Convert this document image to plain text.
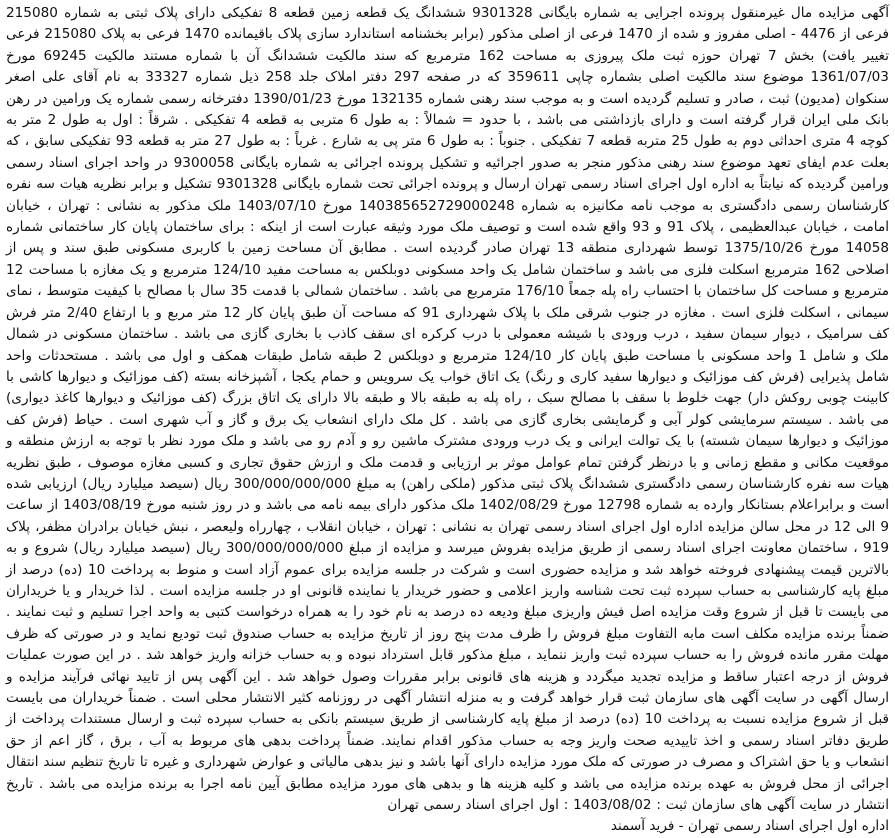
آگهی مزایده مال غیرمنقول پرونده اجرایی به شماره بایگانی 9301328 ششدانگ یک قطعه زمین قطعه 8 تفکیکی دارای پلاک ثبتی به شماره 215080 فرعی از 4476 - اصلی مفروز و شده از 1470 فرعی از اصلی مذکور (برابر بخشنامه استاندارد سازی پلاک باقیمانده 1470 فرعی به پلاک 215080 فرعی تغییر یافت) بخش 7 تهران حوزه ثبت ملک پیروزی به مساحت 162 مترمربع که سند مالکیت ششدانگ آن با شماره مستند مالکیت 69245 مورخ 1361/07/03 موضوع سند مالکیت اصلی بشماره چاپی 359611 که در صفحه 297 دفتر املاک جلد 258 ذیل شماره 33327 به نام آقای علی اصغر سنکوان (مدیون) ثبت ، صادر و تسلیم گردیده است و به موجب سند رهنی شماره 132135 مورخ 1390/01/23 دفترخانه رسمی شماره یک ورامین در رهن بانک ملی ایران قرار گرفته است و دارای بازداشتی می باشد ، با حدود = شمالاً : به طول 6 متربی به قطعه 4 تفکیکی . شرقاً : اول به طول 2 متر به کوچه 4 متری احداثی دوم به طول 25 متربه قطعه 7 تفکیکی . جنوباً : به طول 6 متر پی به شارع . غرباً : به طول 27 متر به قطعه 93 تفکیکی سابق ، که بعلت عدم ایفای تعهد موضوع سند رهنی مذکور منجر به صدور اجرائیه و تشکیل پرونده اجرائی به شماره بایگانی 9300058 در واحد اجرای اسناد رسمی ورامین گردیده که نیابتاً به اداره اول اجرای اسناد رسمی تهران ارسال و پرونده اجرائی تحت شماره بایگانی 9301328 تشکیل و برابر نظریه هیات سه نفره کارشناسان رسمی دادگستری به موجب نامه مکانیزه به شماره 140385652729000248 مورخ 1403/07/10 ملک مذکور به نشانی : تهران ، خیابان امامت ، خیابان عبدالعظیمی ، پلاک 91 و 93 واقع شده است و توصیف ملک مورد وثیقه عبارت است از اینکه : برای ساختمان پایان کار ساختمانی شماره 14058 مورخ 1375/10/26 توسط شهرداری منطقه 13 تهران صادر گردیده است . مطابق آن مساحت زمین با کاربری مسکونی طبق سند و پس از اصلاحی 162 مترمربع اسکلت فلزی می باشد و ساختمان شامل یک واحد مسکونی دوبلکس به مساحت مفید 124/10 مترمربع و یک مغازه با مساحت 12 مترمربع و مساحت کل ساختمان با احتساب راه پله جمعاً 176/10 مترمربع می باشد . ساختمان شمالی با قدمت 35 سال با مصالح با کیفیت متوسط ، نمای سیمانی ، اسکلت فلزی است . مغازه در جنوب شرقی ملک با پلاک شهرداری 91 که مساحت آن طبق پایان کار 12 متر مربع و با ارتفاع 2/40 متر فرش کف سرامیک ، دیوار سیمان سفید ، درب ورودی با شیشه معمولی با درب کرکره ای سقف کاذب با بخاری گازی می باشد . ساختمان مسکونی در شمال ملک و شامل 1 واحد مسکونی با مساحت طبق پایان کار 124/10 مترمربع و دوبلکس 2 طبقه شامل طبقات همکف و اول می باشد . مستحدثات واحد شامل پذیرایی (فرش کف موزائیک و دیوارها سفید کاری و رنگ) یک اتاق خواب یک سرویس و حمام یکجا ، آشپزخانه بسته (کف موزائیک و دیوارها کاشی با کابینت چوبی روکش دار) جهت خلوط با سقف با مصالح سبک ، راه پله به طبقه بالا و طبقه بالا دارای یک اتاق بزرگ (کف موزائیک و دیوارها کاغذ دیواری) می باشد . سیستم سرمایشی کولر آبی و گرمایشی بخاری گازی می باشد . کل ملک دارای انشعاب یک برق و گاز و آب شهری است . حیاط (فرش کف موزائیک و دیوارها سیمان شسته) با یک توالت ایرانی و یک درب ورودی مشترک ماشین رو و آدم رو می باشد و ملک مورد نظر با توجه به ارزش منطقه و موقعیت مکانی و مقطع زمانی و با درنظر گرفتن تمام عوامل موثر بر ارزیابی و قدمت ملک و ارزش حقوق تجاری و کسبی مغازه موصوف ، طبق نظریه هیات سه نفره کارشناسان رسمی دادگستری ششدانگ پلاک ثبتی مذکور (ملکی راهن) به مبلغ 300/000/000/000 ریال (سیصد میلیارد ریال) ارزیابی شده است و برابراعلام بستانکار وارده به شماره 12798 مورخ 1402/08/29 ملک مذکور دارای بیمه نامه می باشد و در روز شنبه مورخ 1403/08/19 از ساعت 9 الی 12 در محل سالن مزایده اداره اول اجرای اسناد رسمی تهران به نشانی : تهران ، خیابان انقلاب ، چهارراه ولیعصر ، نبش خیابان برادران مظفر، پلاک 919 ، ساختمان معاونت اجرای اسناد رسمی از طریق مزایده بفروش میرسد و مزایده از مبلغ 300/000/000/000 ریال (سیصد میلیارد ریال) شروع و به بالاترین قیمت پیشنهادی فروخته خواهد شد و مزایده حضوری است و شرکت در جلسه مزایده برای عموم آزاد است و منوط به پرداخت 10 (ده) درصد از مبلغ پایه کارشناسی به حساب سپرده ثبت تحت شناسه واریز اعلامی و حضور خریدار یا نماینده قانونی او در جلسه مزایده است . لذا خریدار و یا خریداران می بایست تا قبل از شروع وقت مزایده اصل فیش واریزی مبلغ ودیعه ده درصد به نام خود را به همراه درخواست کتبی به واحد اجرا تسلیم و ثبت نمایند . ضمناً برنده مزایده مکلف است مابه التفاوت مبلغ فروش را ظرف مدت پنج روز از تاریخ مزایده به حساب صندوق ثبت تودیع نماید و در صورتی که ظرف مهلت مقرر مانده فروش را به حساب سپرده ثبت واریز ننماید ، مبلغ مذکور قابل استرداد نبوده و به حساب خزانه واریز خواهد شد . در این صورت عملیات فروش از درجه اعتبار ساقط و مزایده تجدید میگردد و هزینه های قانونی برابر مقررات وصول خواهد شد . این آگهی پس از تایید نهائی فرآیند مزایده و ارسال آگهی در سایت آگهی های سازمان ثبت قرار خواهد گرفت و به منزله انتشار آگهی در روزنامه کثیر الانتشار محلی است . ضمناً خریداران می بایست قبل از شروع مزایده نسبت به پرداخت 10 (ده) درصد از مبلغ پایه کارشناسی از طریق سیستم بانکی به حساب سپرده ثبت و ارسال مستندات پرداخت از طریق دفاتر اسناد رسمی و اخذ تاییدیه صحت واریز وجه به حساب مذکور اقدام نمایند. ضمناً پرداخت بدهی های مربوط به آب ، برق ، گاز اعم از حق انشعاب و یا حق اشتراک و مصرف در صورتی که ملک مورد مزایده دارای آنها باشد و نیز بدهی مالیاتی و عوارض شهرداری و غیره تا تاریخ تنظیم سند انتقال اجرائی از محل فروش به عهده برنده مزایده می باشد و کلیه هزینه ها و بدهی های مورد مزایده مطابق آیین نامه اجرا به برنده مزایده می باشد . تاریخ انتشار در سایت آگهی های سازمان ثبت : 1403/08/02 : اول اجرای اسناد رسمی تهران

اداره اول اجرای اسناد رسمی تهران - فرید آسمند
